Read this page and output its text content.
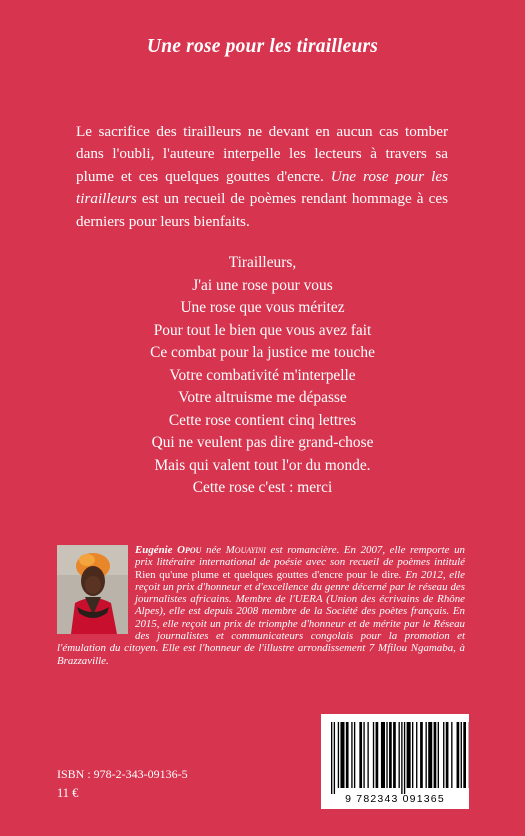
Une rose pour les tirailleurs
Le sacrifice des tirailleurs ne devant en aucun cas tomber dans l'oubli, l'auteure interpelle les lecteurs à travers sa plume et ces quelques gouttes d'encre. Une rose pour les tirailleurs est un recueil de poèmes rendant hommage à ces derniers pour leurs bienfaits.
Tirailleurs,
J'ai une rose pour vous
Une rose que vous méritez
Pour tout le bien que vous avez fait
Ce combat pour la justice me touche
Votre combativité m'interpelle
Votre altruisme me dépasse
Cette rose contient cinq lettres
Qui ne veulent pas dire grand-chose
Mais qui valent tout l'or du monde.
Cette rose c'est : merci
Eugénie Opou née Mouayini est romancière. En 2007, elle remporte un prix littéraire international de poésie avec son recueil de poèmes intitulé Rien qu'une plume et quelques gouttes d'encre pour le dire. En 2012, elle reçoit un prix d'honneur et d'excellence du genre décerné par le réseau des journalistes africains. Membre de l'UERA (Union des écrivains de Rhône Alpes), elle est depuis 2008 membre de la Société des poètes français. En 2015, elle reçoit un prix de triomphe d'honneur et de mérite par le Réseau des journalistes et communicateurs congolais pour la promotion et l'émulation du citoyen. Elle est l'honneur de l'illustre arrondissement 7 Mfilou Ngamaba, à Brazzaville.
ISBN : 978-2-343-09136-5
11 €	9 782343 091365
